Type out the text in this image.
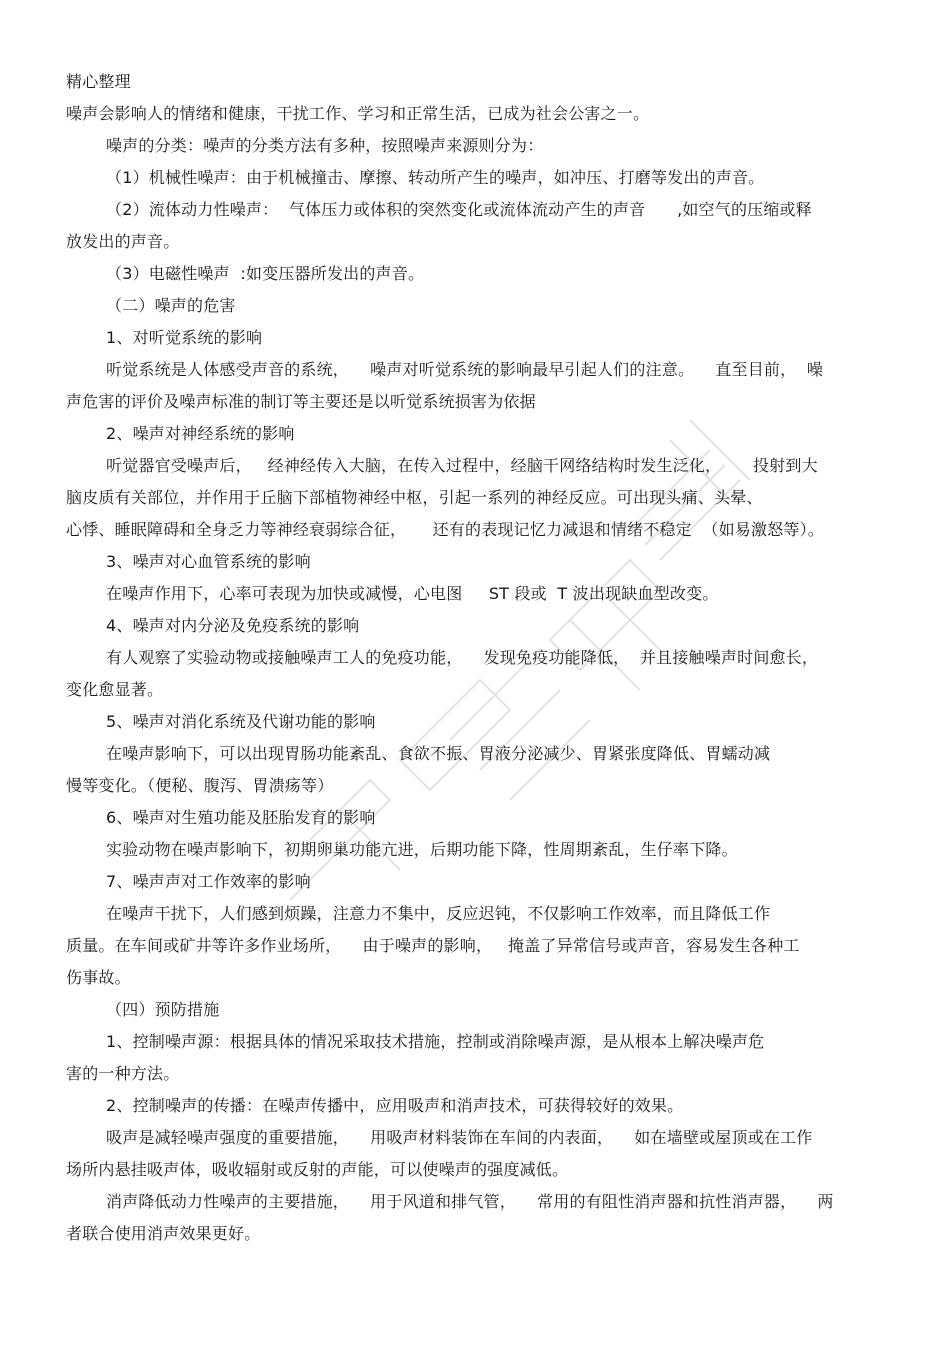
精心整理
噪声会影响人的情绪和健康，干扰工作、学习和正常生活，已成为社会公害之一。
噪声的分类：噪声的分类方法有多种，按照噪声来源则分为：
（1）机械性噪声：由于机械撞击、摩擦、转动所产生的噪声，如冲压、打磨等发出的声音。
（2）流体动力性噪声：  气体压力或体积的突然变化或流体流动产生的声音      ,如空气的压缩或释
放发出的声音。
（3）电磁性噪声  :如变压器所发出的声音。
（二）噪声的危害
1、对听觉系统的影响
听觉系统是人体感受声音的系统，    噪声对听觉系统的影响最早引起人们的注意。    直至目前，  噪
声危害的评价及噪声标准的制订等主要还是以听觉系统损害为依据
2、噪声对神经系统的影响
听觉器官受噪声后，   经神经传入大脑，在传入过程中，经脑干网络结构时发生泛化，      投射到大
脑皮质有关部位，并作用于丘脑下部植物神经中枢，引起一系列的神经反应。可出现头痛、头晕、
心悸、睡眠障碍和全身乏力等神经衰弱综合征，     还有的表现记忆力减退和情绪不稳定  （如易激怒等）。
3、噪声对心血管系统的影响
在噪声作用下，心率可表现为加快或减慢，心电图     ST 段或  T 波出现缺血型改变。
4、噪声对内分泌及免疫系统的影响
有人观察了实验动物或接触噪声工人的免疫功能，    发现免疫功能降低，  并且接触噪声时间愈长，
变化愈显著。
5、噪声对消化系统及代谢功能的影响
在噪声影响下，可以出现胃肠功能紊乱、食欲不振、胃液分泌减少、胃紧张度降低、胃蠕动减
慢等变化。（便秘、腹泻、胃溃疡等）
6、噪声对生殖功能及胚胎发育的影响
实验动物在噪声影响下，初期卵巢功能亢进，后期功能下降，性周期紊乱，生仔率下降。
7、噪声声对工作效率的影响
在噪声干扰下，人们感到烦躁，注意力不集中，反应迟钝，不仅影响工作效率，而且降低工作
质量。在车间或矿井等许多作业场所，    由于噪声的影响，   掩盖了异常信号或声音，容易发生各种工
伤事故。
（四）预防措施
1、控制噪声源：根据具体的情况采取技术措施，控制或消除噪声源，是从根本上解决噪声危
害的一种方法。
2、控制噪声的传播：在噪声传播中，应用吸声和消声技术，可获得较好的效果。
吸声是减轻噪声强度的重要措施，    用吸声材料装饰在车间的内表面，    如在墙壁或屋顶或在工作
场所内悬挂吸声体，吸收辐射或反射的声能，可以使噪声的强度减低。
消声降低动力性噪声的主要措施，    用于风道和排气管，    常用的有阻性消声器和抗性消声器，    两
者联合使用消声效果更好。
